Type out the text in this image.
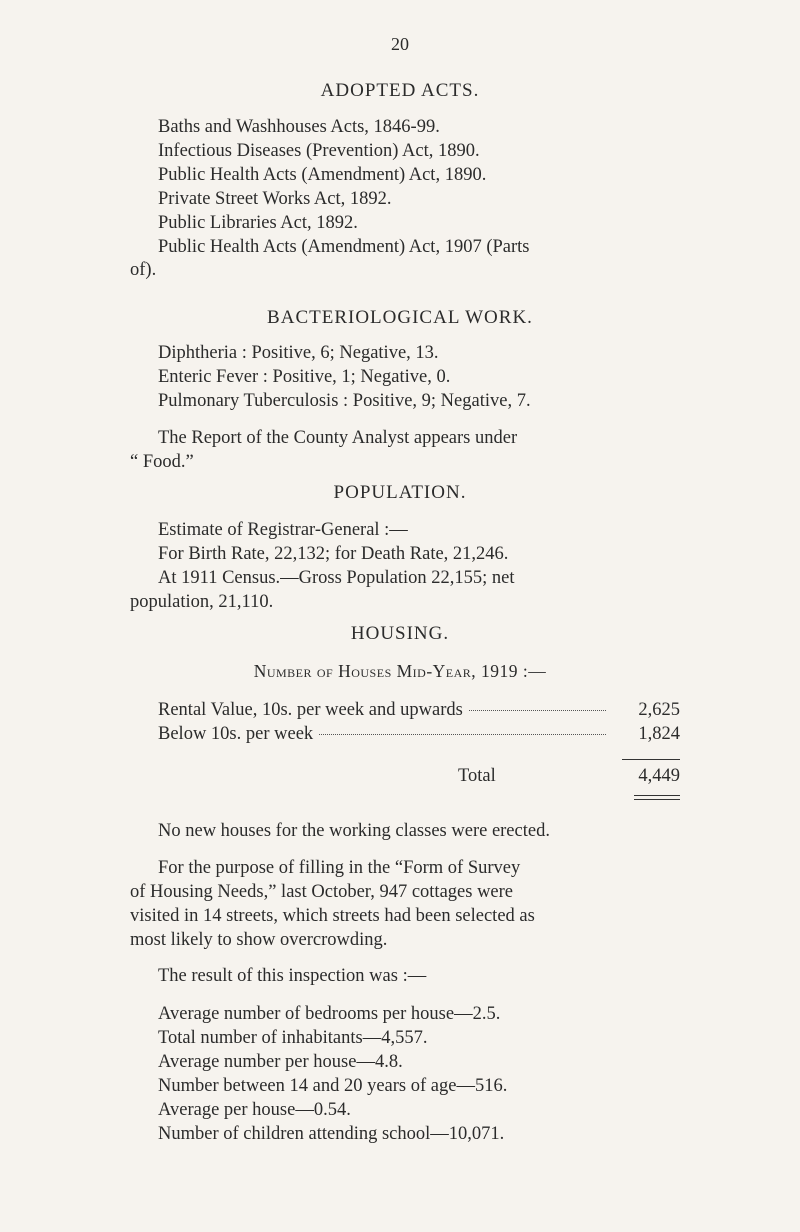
20
ADOPTED ACTS.
Baths and Washhouses Acts, 1846-99.
Infectious Diseases (Prevention) Act, 1890.
Public Health Acts (Amendment) Act, 1890.
Private Street Works Act, 1892.
Public Libraries Act, 1892.
Public Health Acts (Amendment) Act, 1907 (Parts
of).
BACTERIOLOGICAL WORK.
Diphtheria : Positive, 6; Negative, 13.
Enteric Fever : Positive, 1; Negative, 0.
Pulmonary Tuberculosis : Positive, 9; Negative, 7.
The Report of the County Analyst appears under
“ Food.”
POPULATION.
Estimate of Registrar-General :—
For Birth Rate, 22,132; for Death Rate, 21,246.
At 1911 Census.—Gross Population 22,155; net
population, 21,110.
HOUSING.
Number of Houses Mid-Year, 1919 :—
Rental Value, 10s. per week and upwards	2,625
Below 10s. per week	1,824
Total	4,449
No new houses for the working classes were erected.
For the purpose of filling in the “Form of Survey
of Housing Needs,” last October, 947 cottages were
visited in 14 streets, which streets had been selected as
most likely to show overcrowding.
The result of this inspection was :—
Average number of bedrooms per house—2.5.
Total number of inhabitants—4,557.
Average number per house—4.8.
Number between 14 and 20 years of age—516.
Average per house—0.54.
Number of children attending school—10,071.
